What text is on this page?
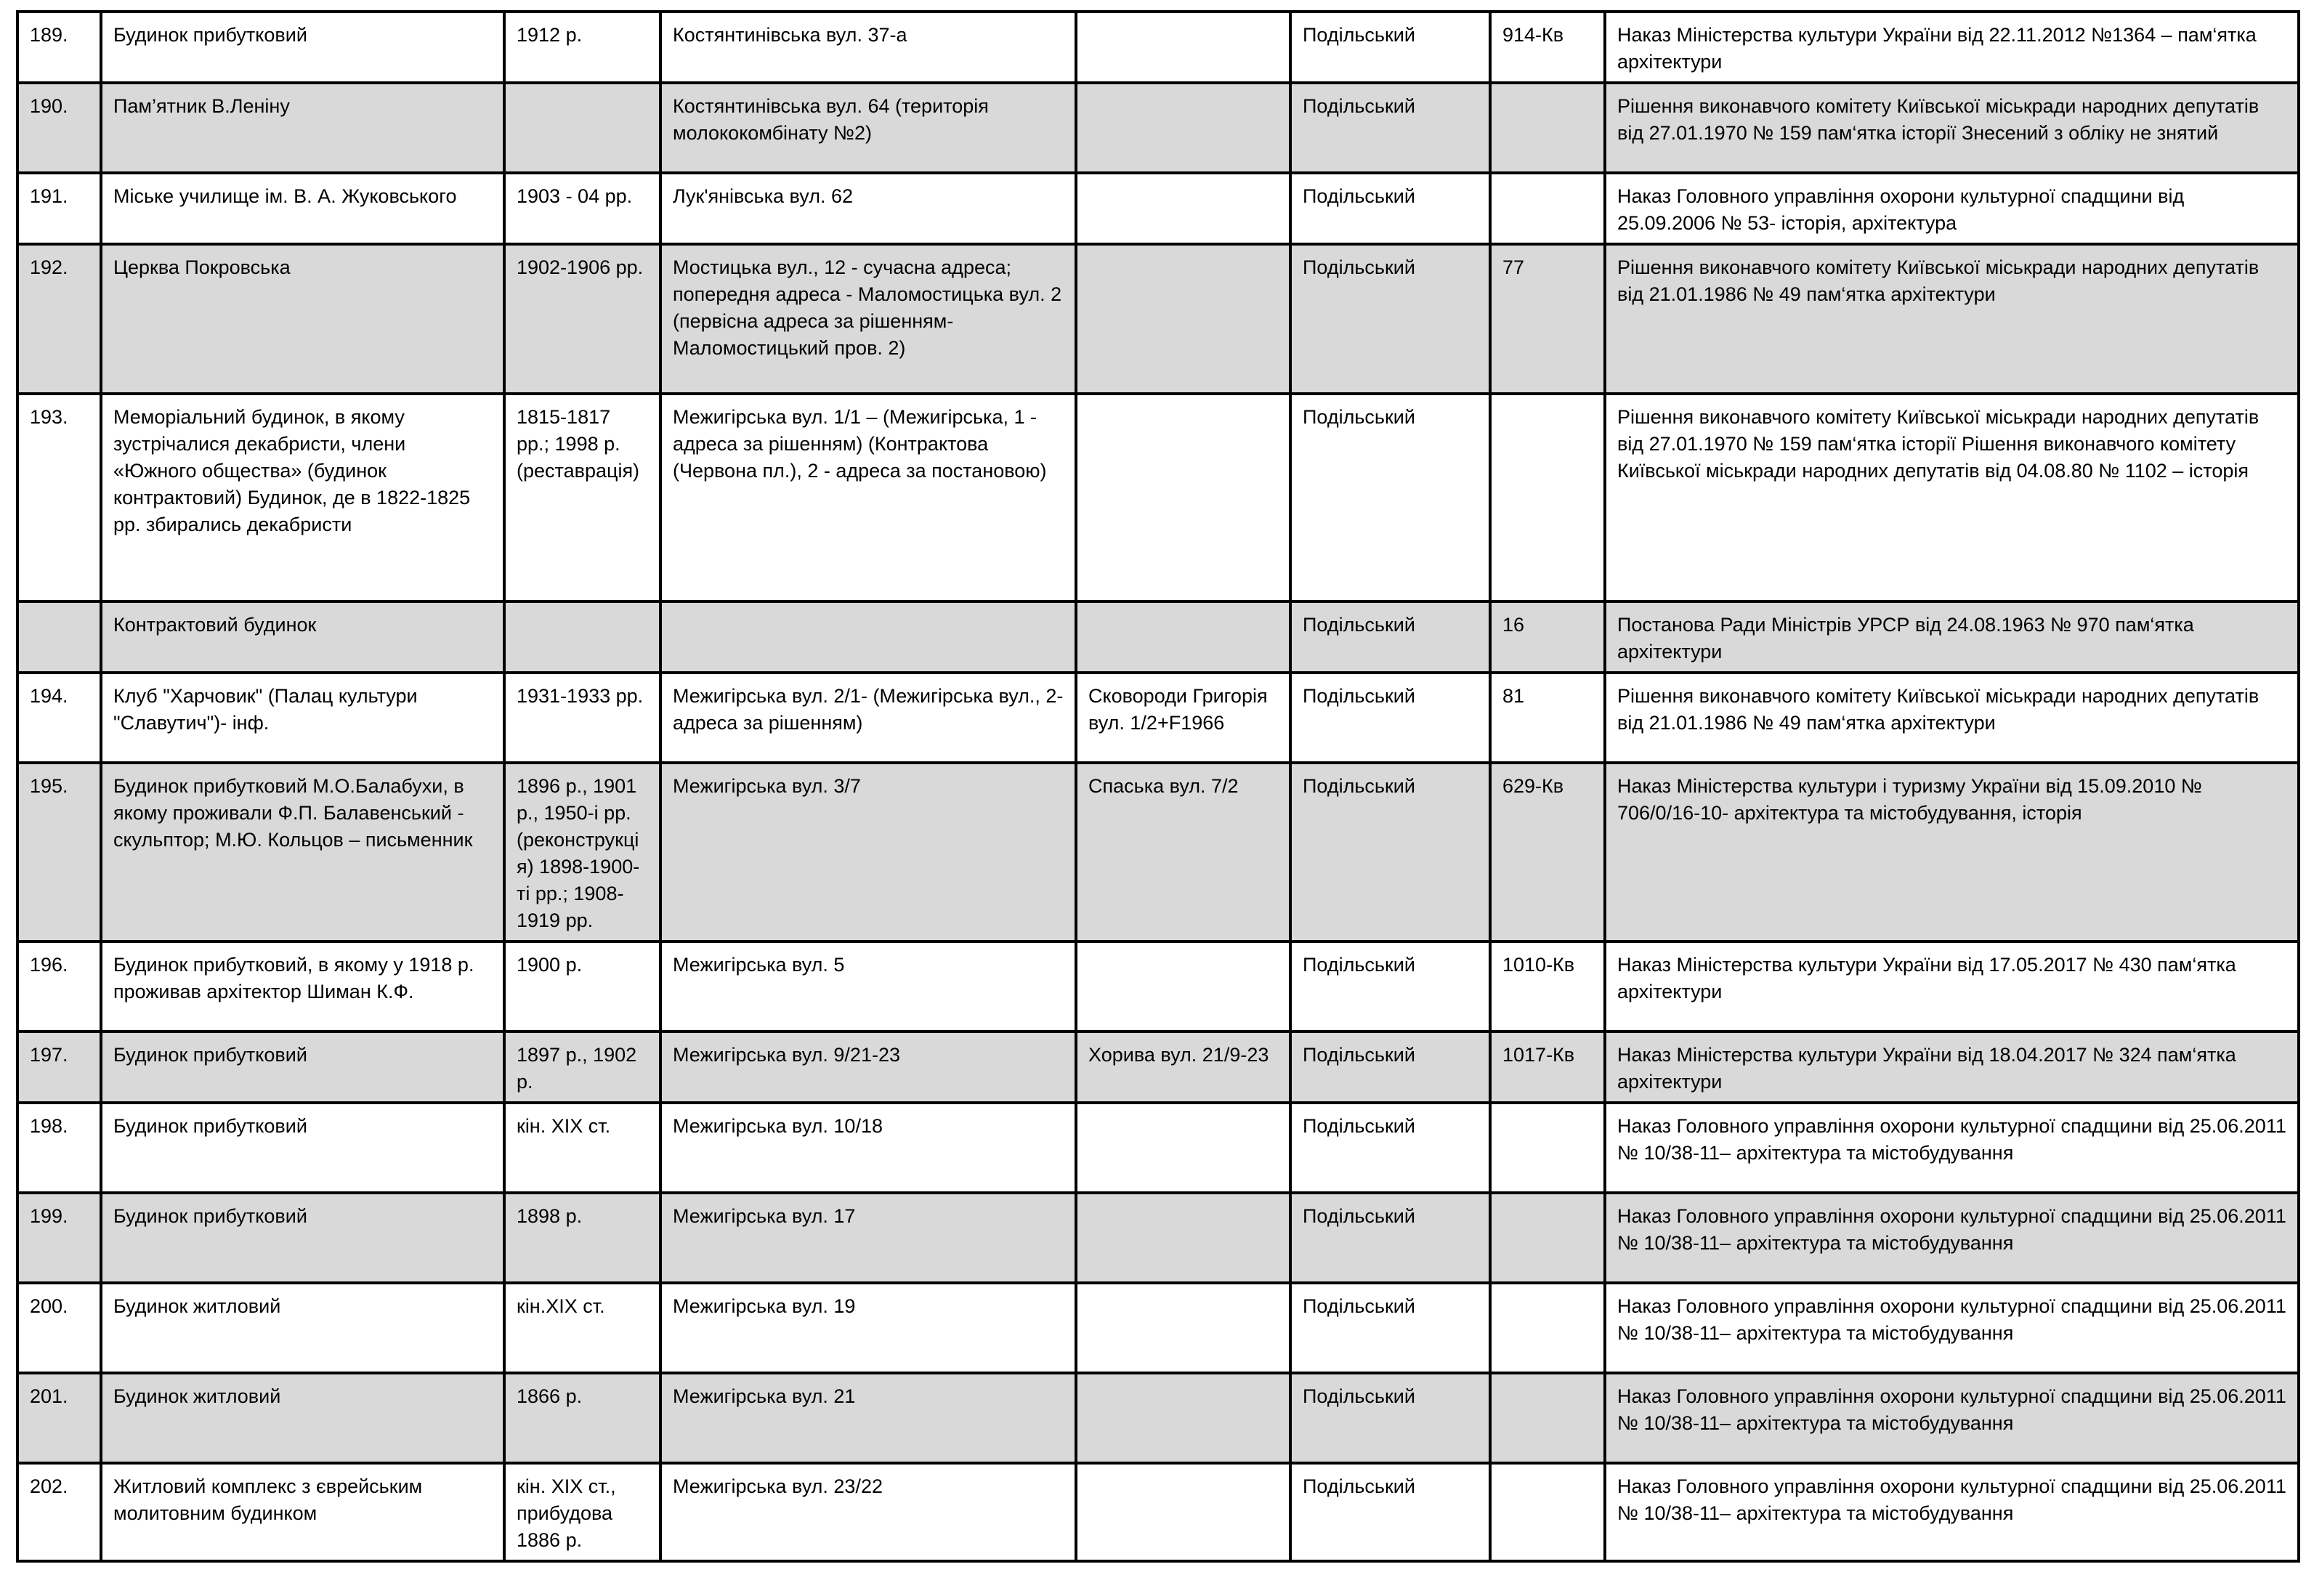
189.	Будинок прибутковий	1912 р.	Костянтинівська вул. 37-а		Подільський	914-Кв	Наказ Міністерства культури України від 22.11.2012 №1364 – пам‘ятка архітектури
190.	Пам’ятник В.Леніну		Костянтинівська вул. 64 (територія молококомбінату №2)		Подільський		Рішення виконавчого комітету Київської міськради народних депутатів від 27.01.1970 № 159 пам‘ятка історії Знесений з обліку не знятий
191.	Міське училище ім. В. А. Жуковського	1903 - 04 рр.	Лук'янівська вул. 62		Подільський		Наказ Головного управління охорони культурної спадщини від 25.09.2006 № 53- історія, архітектура
192.	Церква Покровська	1902-1906 рр.	Мостицька вул., 12 - сучасна адреса; попередня адреса - Маломостицька вул. 2 (первісна адреса за рішенням-Маломостицький пров. 2)		Подільський	77	Рішення виконавчого комітету Київської міськради народних депутатів від 21.01.1986 № 49 пам‘ятка архітектури
193.	Меморіальний будинок, в якому зустрічалися декабристи, члени «Южного общества» (будинок контрактовий) Будинок, де в 1822-1825 рр. збирались декабристи	1815-1817 рр.; 1998 р. (реставрація)	Межигірська вул. 1/1 – (Межигірська, 1 - адреса за рішенням) (Контрактова (Червона пл.), 2 - адреса за постановою)		Подільський		Рішення виконавчого комітету Київської міськради народних депутатів від 27.01.1970 № 159 пам‘ятка історії Рішення виконавчого комітету Київської міськради народних депутатів від 04.08.80 № 1102 – історія
	Контрактовий будинок				Подільський	16	Постанова Ради Міністрів УРСР від 24.08.1963 № 970 пам‘ятка архітектури
194.	Клуб "Харчовик" (Палац культури "Славутич")- інф.	1931-1933 рр.	Межигірська вул. 2/1- (Межигірська вул., 2- адреса за рішенням)	Сковороди Григорія вул. 1/2+F1966	Подільський	81	Рішення виконавчого комітету Київської міськради народних депутатів від 21.01.1986 № 49 пам‘ятка архітектури
195.	Будинок прибутковий М.О.Балабухи, в якому проживали Ф.П. Балавенський - скульптор; М.Ю. Кольцов – письменник	1896 р., 1901 р., 1950-і рр. (реконструкція) 1898-1900-ті рр.; 1908-1919 рр.	Межигірська вул. 3/7	Спаська вул. 7/2	Подільський	629-Кв	Наказ Міністерства культури і туризму України від 15.09.2010 № 706/0/16-10- архітектура та містобудування, історія
196.	Будинок прибутковий, в якому у 1918 р. проживав архітектор Шиман К.Ф.	1900 р.	Межигірська вул. 5		Подільський	1010-Кв	Наказ Міністерства культури України від 17.05.2017 № 430 пам‘ятка архітектури
197.	Будинок прибутковий	1897 р., 1902 р.	Межигірська вул. 9/21-23	Хорива вул. 21/9-23	Подільський	1017-Кв	Наказ Міністерства культури України від 18.04.2017 № 324 пам‘ятка архітектури
198.	Будинок прибутковий	кін. ХІХ ст.	Межигірська вул. 10/18		Подільський		Наказ Головного управління охорони культурної спадщини від 25.06.2011 № 10/38-11– архітектура та містобудування
199.	Будинок прибутковий	1898 р.	Межигірська вул. 17		Подільський		Наказ Головного управління охорони культурної спадщини від 25.06.2011 № 10/38-11– архітектура та містобудування
200.	Будинок житловий	кін.ХІХ ст.	Межигірська вул. 19		Подільський		Наказ Головного управління охорони культурної спадщини від 25.06.2011 № 10/38-11– архітектура та містобудування
201.	Будинок житловий	1866 р.	Межигірська вул. 21		Подільський		Наказ Головного управління охорони культурної спадщини від 25.06.2011 № 10/38-11– архітектура та містобудування
202.	Житловий комплекс з єврейським молитовним будинком	кін. ХІХ ст., прибудова 1886 р.	Межигірська вул. 23/22		Подільський		Наказ Головного управління охорони культурної спадщини від 25.06.2011 № 10/38-11– архітектура та містобудування
